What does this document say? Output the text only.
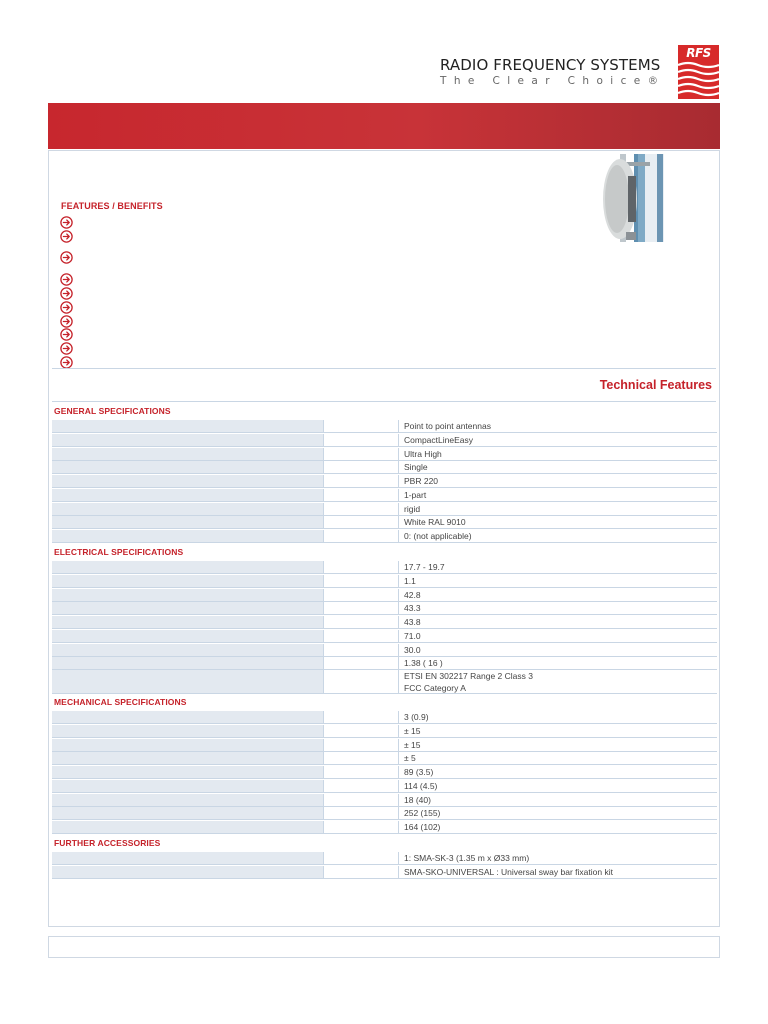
RADIO FREQUENCY SYSTEMS
The Clear Choice®
RFS
FEATURES / BENEFITS
Technical Features
GENERAL SPECIFICATIONS
Point to point antennas
CompactLineEasy
Ultra High
Single
PBR 220
1-part
rigid
White RAL 9010
0: (not applicable)
ELECTRICAL SPECIFICATIONS
17.7 - 19.7
1.1
42.8
43.3
43.8
71.0
30.0
1.38 ( 16 )
ETSI EN 302217 Range 2 Class 3
FCC Category A
MECHANICAL SPECIFICATIONS
3 (0.9)
± 15
± 15
± 5
89 (3.5)
114 (4.5)
18 (40)
252 (155)
164 (102)
FURTHER ACCESSORIES
1: SMA-SK-3 (1.35 m x Ø33 mm)
SMA-SKO-UNIVERSAL : Universal sway bar fixation kit
